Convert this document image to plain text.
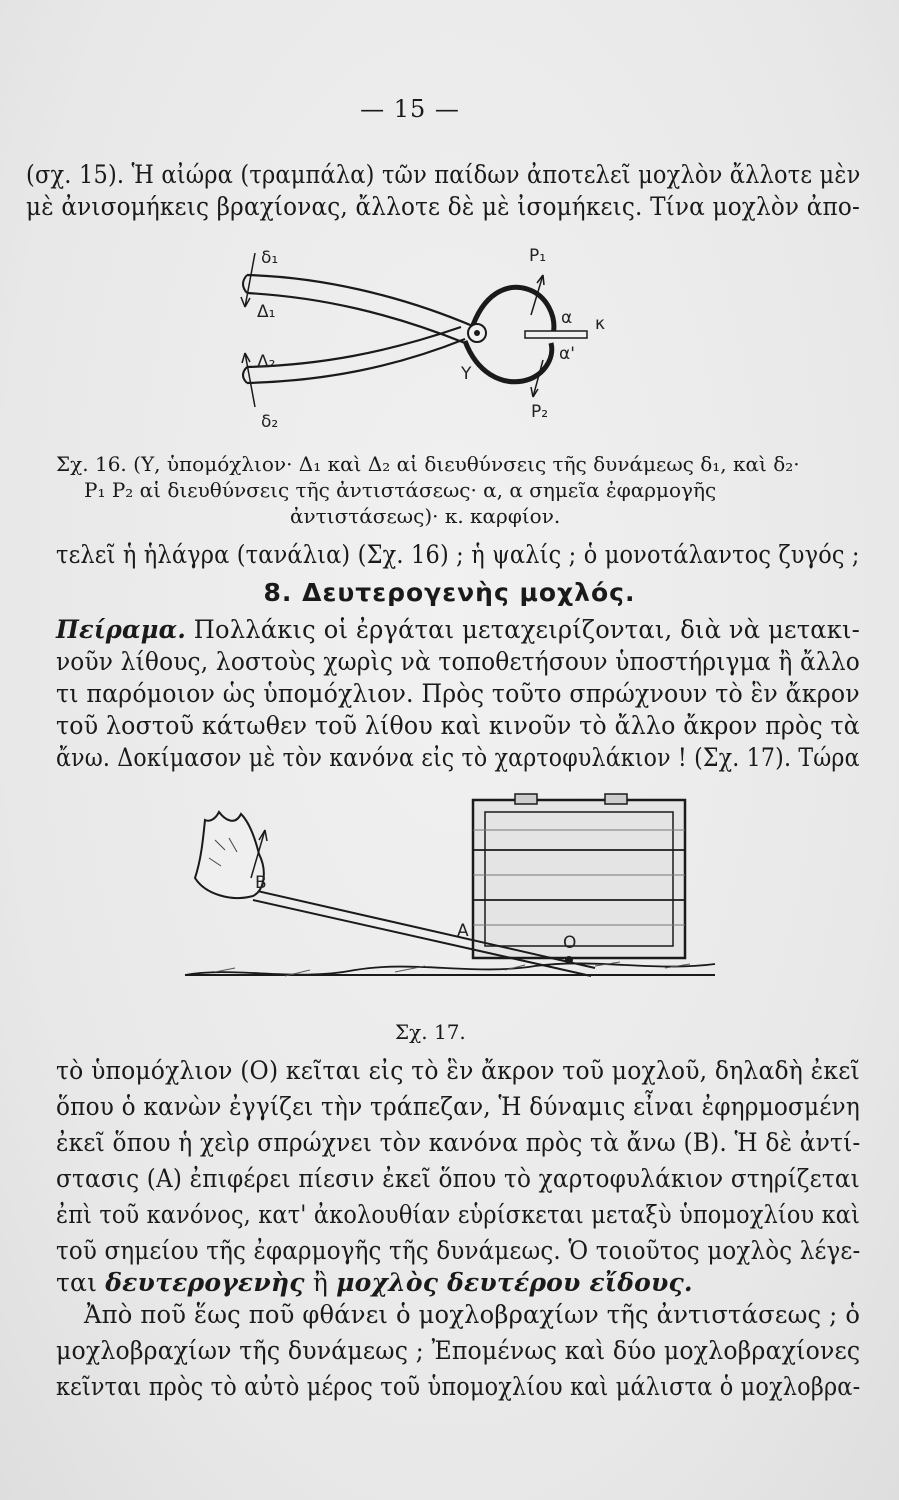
— 15 —
(σχ. 15). Ἡ αἰώρα (τραμπάλα) τῶν παίδων ἀποτελεῖ μοχλὸν ἄλλοτε μὲν
μὲ ἀνισομήκεις βραχίονας, ἄλλοτε δὲ μὲ ἰσομήκεις. Τίνα μοχλὸν ἀπο-
δ₁
Δ₁
Δ₂
δ₂
P₁
P₂
α
α'
κ
Y
Σχ. 16. (Υ, ὑπομόχλιον· Δ₁ καὶ Δ₂ αἱ διευθύνσεις τῆς δυνάμεως δ₁, καὶ δ₂·
P₁ P₂ αἱ διευθύνσεις τῆς ἀντιστάσεως· α, α σημεῖα ἐφαρμογῆς
ἀντιστάσεως)· κ. καρφίον.
τελεῖ ἡ ἡλάγρα (τανάλια) (Σχ. 16) ; ἡ ψαλίς ; ὁ μονοτάλαντος ζυγός ;
8. Δευτερογενὴς μοχλός.
Πείραμα. Πολλάκις οἱ ἐργάται μεταχειρίζονται, διὰ νὰ μετακι-
νοῦν λίθους, λοστοὺς χωρὶς νὰ τοποθετήσουν ὑποστήριγμα ἢ ἄλλο
τι παρόμοιον ὡς ὑπομόχλιον. Πρὸς τοῦτο σπρώχνουν τὸ ἓν ἄκρον
τοῦ λοστοῦ κάτωθεν τοῦ λίθου καὶ κινοῦν τὸ ἄλλο ἄκρον πρὸς τὰ
ἄνω. Δοκίμασον μὲ τὸν κανόνα εἰς τὸ χαρτοφυλάκιον ! (Σχ. 17). Τώρα
B
A
O
Σχ. 17.
τὸ ὑπομόχλιον (Ο) κεῖται εἰς τὸ ἓν ἄκρον τοῦ μοχλοῦ, δηλαδὴ ἐκεῖ
ὅπου ὁ κανὼν ἐγγίζει τὴν τράπεζαν, Ἡ δύναμις εἶναι ἐφηρμοσμένη
ἐκεῖ ὅπου ἡ χεὶρ σπρώχνει τὸν κανόνα πρὸς τὰ ἄνω (Β). Ἡ δὲ ἀντί-
στασις (Α) ἐπιφέρει πίεσιν ἐκεῖ ὅπου τὸ χαρτοφυλάκιον στηρίζεται
ἐπὶ τοῦ κανόνος, κατ' ἀκολουθίαν εὑρίσκεται μεταξὺ ὑπομοχλίου καὶ
τοῦ σημείου τῆς ἐφαρμογῆς τῆς δυνάμεως. Ὁ τοιοῦτος μοχλὸς λέγε-
ται δευτερογενὴς ἢ μοχλὸς δευτέρου εἴδους.
Ἀπὸ ποῦ ἕως ποῦ φθάνει ὁ μοχλοβραχίων τῆς ἀντιστάσεως ; ὁ
μοχλοβραχίων τῆς δυνάμεως ; Ἐπομένως καὶ δύο μοχλοβραχίονες
κεῖνται πρὸς τὸ αὐτὸ μέρος τοῦ ὑπομοχλίου καὶ μάλιστα ὁ μοχλοβρα-
